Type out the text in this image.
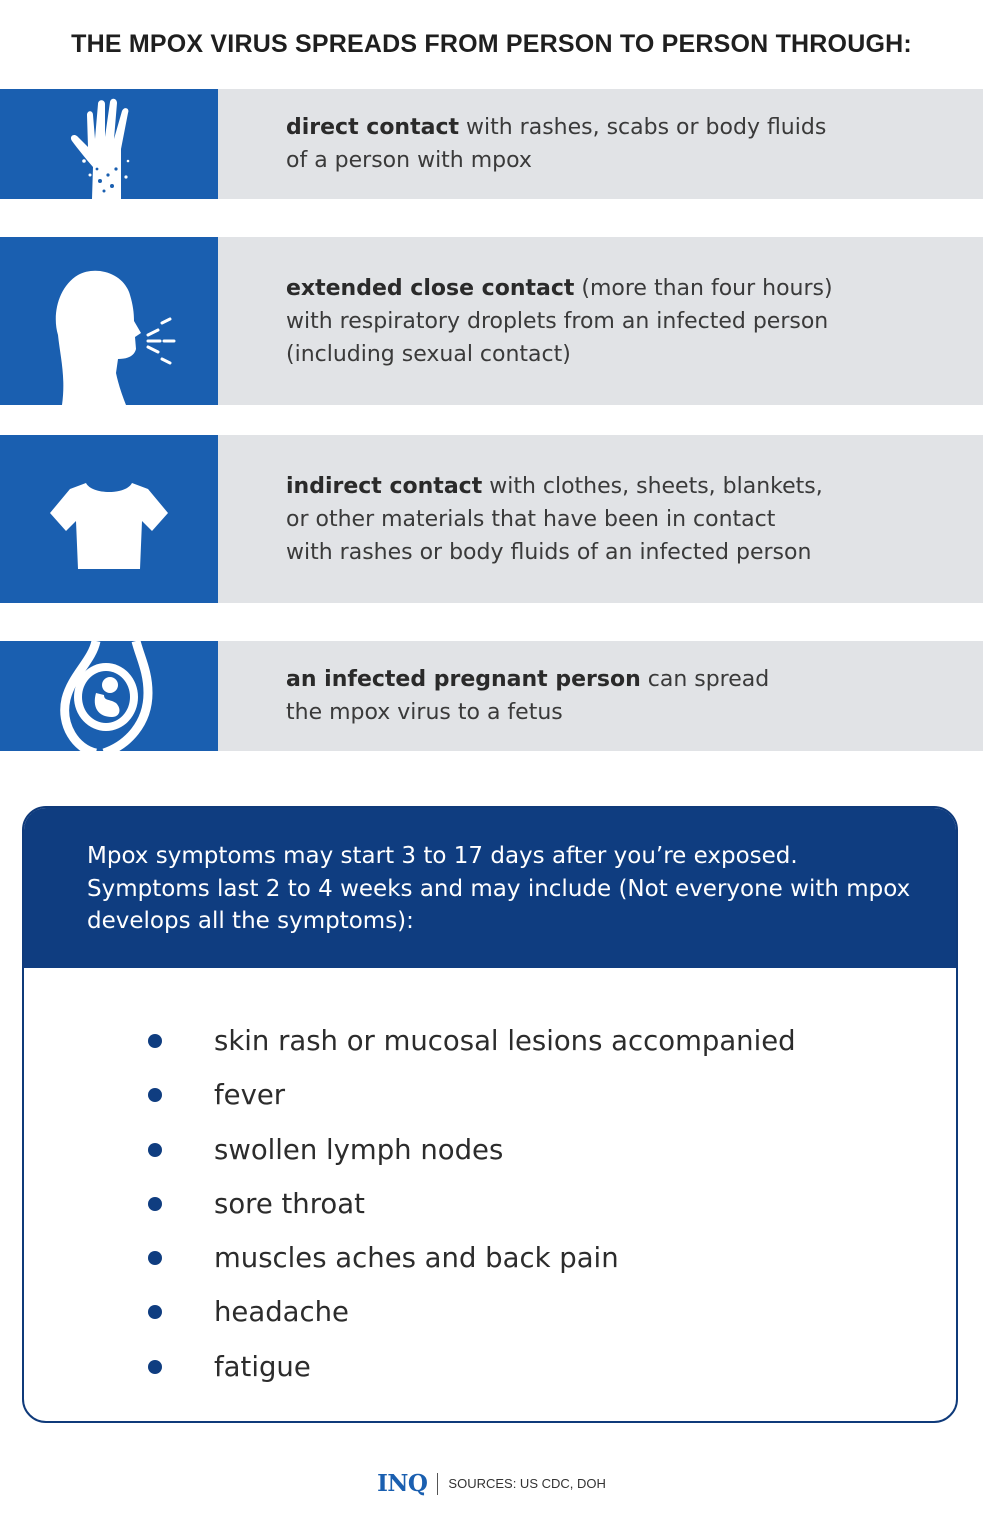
THE MPOX VIRUS SPREADS FROM PERSON TO PERSON THROUGH:

direct contact with rashes, scabs or body fluids
of a person with mpox

extended close contact (more than four hours)
with respiratory droplets from an infected person
(including sexual contact)

indirect contact with clothes, sheets, blankets,
or other materials that have been in contact
with rashes or body fluids of an infected person

an infected pregnant person can spread
the mpox virus to a fetus

Mpox symptoms may start 3 to 17 days after you’re exposed. Symptoms last 2 to 4 weeks and may include (Not everyone with mpox develops all the symptoms):

skin rash or mucosal lesions accompanied
fever
swollen lymph nodes
sore throat
muscles aches and back pain
headache
fatigue
INQ SOURCES: US CDC, DOH
